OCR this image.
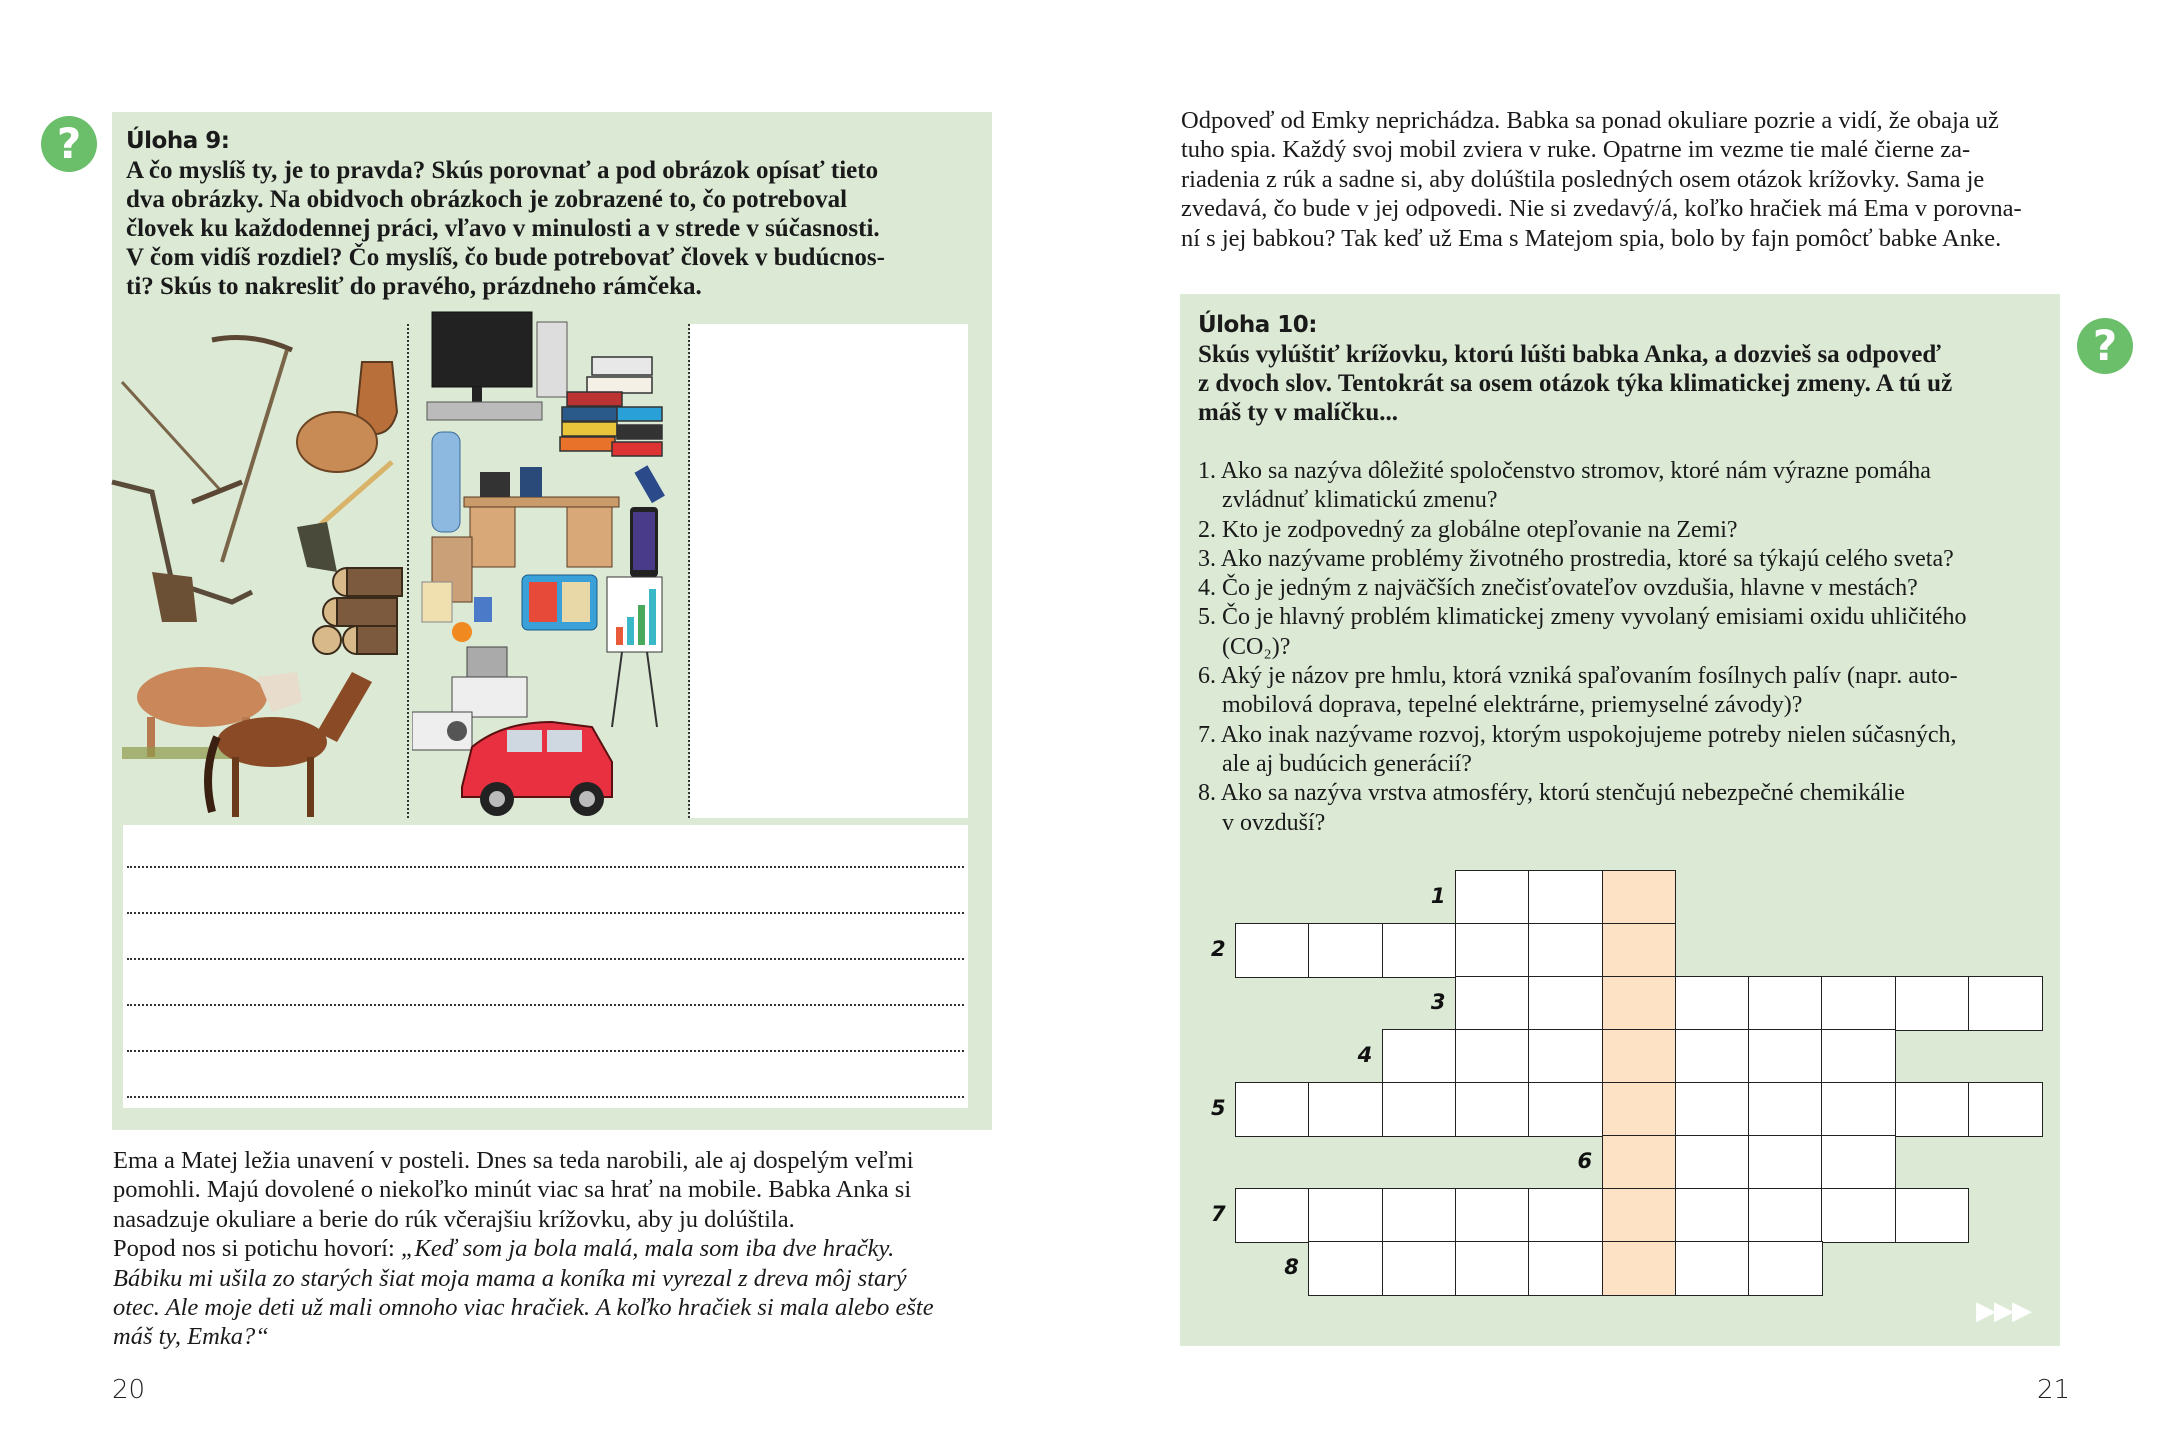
?	Úloha 9:
A čo myslíš ty, je to pravda? Skús porovnať a pod obrázok opísať tieto
dva obrázky. Na obidvoch obrázkoch je zobrazené to, čo potreboval
človek ku každodennej práci, vľavo v minulosti a v strede v súčasnosti.
V čom vidíš rozdiel? Čo myslíš, čo bude potrebovať človek v budúcnos-
ti? Skús to nakresliť do pravého, prázdneho rámčeka.
Ema a Matej ležia unavení v posteli. Dnes sa teda narobili, ale aj dospelým veľmi
pomohli. Majú dovolené o niekoľko minút viac sa hrať na mobile. Babka Anka si
nasadzuje okuliare a berie do rúk včerajšiu krížovku, aby ju dolúštila.
Popod nos si potichu hovorí: „Keď som ja bola malá, mala som iba dve hračky.
Bábiku mi ušila zo starých šiat moja mama a koníka mi vyrezal z dreva môj starý
otec. Ale moje deti už mali omnoho viac hračiek. A koľko hračiek si mala alebo ešte
máš ty, Emka?“
20
Odpoveď od Emky neprichádza. Babka sa ponad okuliare pozrie a vidí, že obaja už
tuho spia. Každý svoj mobil zviera v ruke. Opatrne im vezme tie malé čierne za-
riadenia z rúk a sadne si, aby dolúštila posledných osem otázok krížovky. Sama je
zvedavá, čo bude v jej odpovedi. Nie si zvedavý/á, koľko hračiek má Ema v porovna-
ní s jej babkou? Tak keď už Ema s Matejom spia, bolo by fajn pomôcť babke Anke.
?
Úloha 10:
Skús vylúštiť krížovku, ktorú lúšti babka Anka, a dozvieš sa odpoveď
z dvoch slov. Tentokrát sa osem otázok týka klimatickej zmeny. A tú už
máš ty v malíčku...
1. Ako sa nazýva dôležité spoločenstvo stromov, ktoré nám výrazne pomáha
zvládnuť klimatickú zmenu?
2. Kto je zodpovedný za globálne otepľovanie na Zemi?
3. Ako nazývame problémy životného prostredia, ktoré sa týkajú celého sveta?
4. Čo je jedným z najväčších znečisťovateľov ovzdušia, hlavne v mestách?
5. Čo je hlavný problém klimatickej zmeny vyvolaný emisiami oxidu uhličitého
(CO₂)?
6. Aký je názov pre hmlu, ktorá vzniká spaľovaním fosílnych palív (napr. auto-
mobilová doprava, tepelné elektrárne, priemyselné závody)?
7. Ako inak nazývame rozvoj, ktorým uspokojujeme potreby nielen súčasných,
ale aj budúcich generácií?
8. Ako sa nazýva vrstva atmosféry, ktorú stenčujú nebezpečné chemikálie
v ovzduší?
1
2
3
4
5
6
7
8
▶▶▶
21
